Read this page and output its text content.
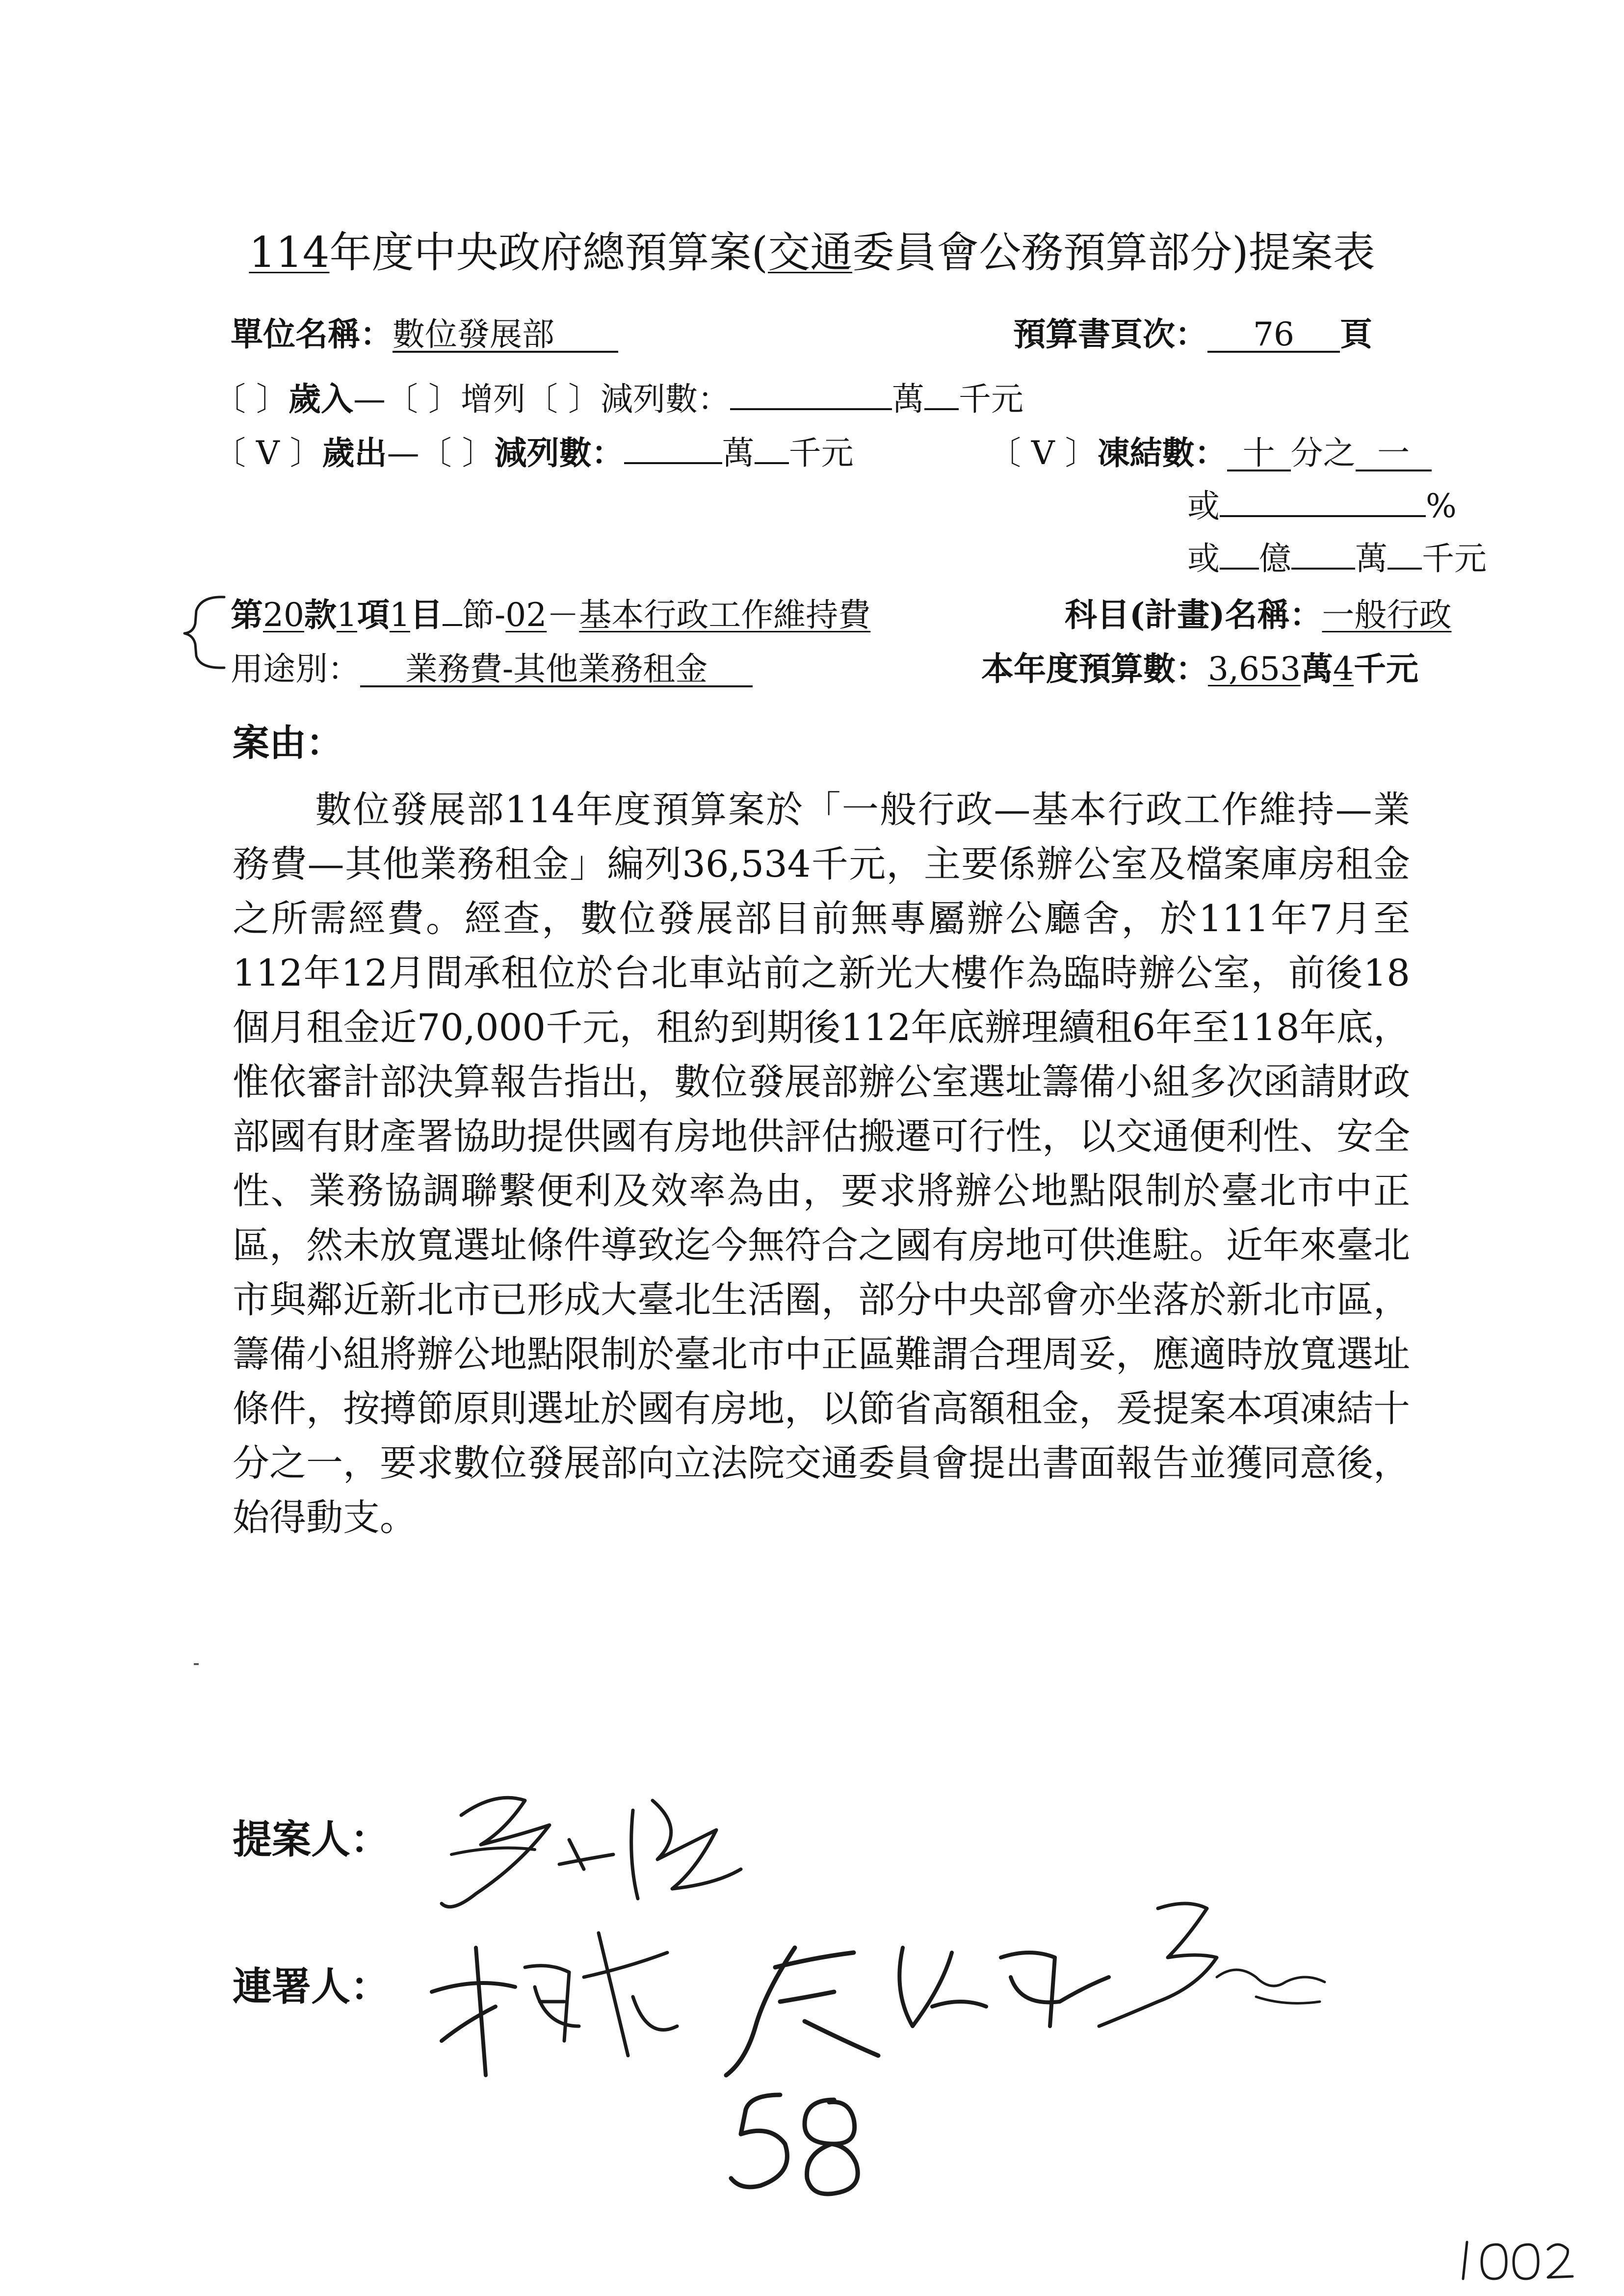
114年度中央政府總預算案(交通委員會公務預算部分)提案表
單位名稱：數位發展部	預算書頁次： 76 頁
〔 〕歲入—〔 〕增列〔 〕減列數：	萬 千元
〔 V 〕歲出—〔 〕減列數：	萬 千元	〔 V 〕凍結數： 十 分之 一
或	%
或 億 萬 千元
第20款1項1目 節-02－基本行政工作維持費	科目(計畫)名稱：一般行政
用途別： 業務費-其他業務租金	本年度預算數：3,653萬4千元
案由：

數位發展部114年度預算案於「一般行政—基本行政工作維持—業務費—其他業務租金」編列36,534千元，主要係辦公室及檔案庫房租金之所需經費。經查，數位發展部目前無專屬辦公廳舍，於111年7月至112年12月間承租位於台北車站前之新光大樓作為臨時辦公室，前後18個月租金近70,000千元，租約到期後112年底辦理續租6年至118年底，惟依審計部決算報告指出，數位發展部辦公室選址籌備小組多次函請財政部國有財產署協助提供國有房地供評估搬遷可行性，以交通便利性、安全性、業務協調聯繫便利及效率為由，要求將辦公地點限制於臺北市中正區，然未放寬選址條件導致迄今無符合之國有房地可供進駐。近年來臺北市與鄰近新北市已形成大臺北生活圈，部分中央部會亦坐落於新北市區，籌備小組將辦公地點限制於臺北市中正區難謂合理周妥，應適時放寬選址條件，按撙節原則選址於國有房地，以節省高額租金，爰提案本項凍結十分之一，要求數位發展部向立法院交通委員會提出書面報告並獲同意後，始得動支。

提案人：
連署人：
